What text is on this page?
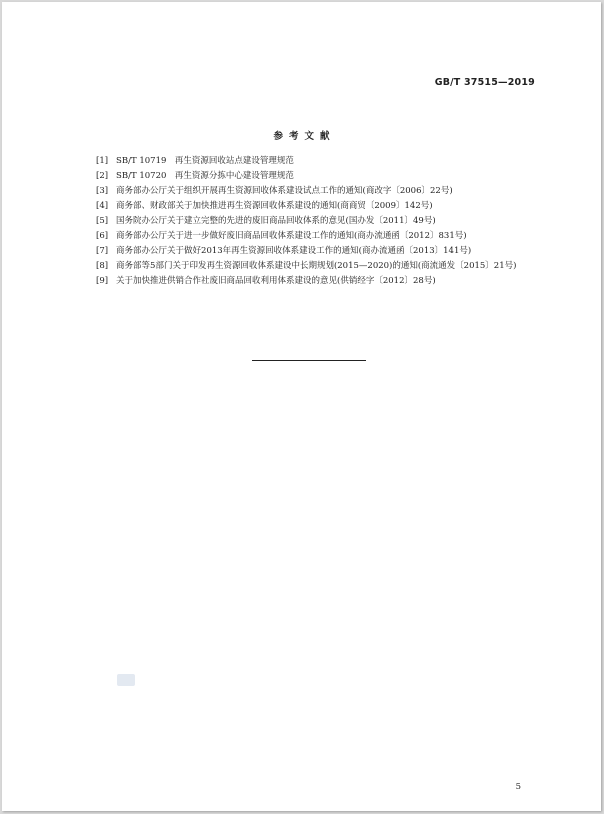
GB/T 37515—2019
参考文献
[1] SB/T 10719　再生资源回收站点建设管理规范
[2] SB/T 10720　再生资源分拣中心建设管理规范
[3] 商务部办公厅关于组织开展再生资源回收体系建设试点工作的通知(商改字〔2006〕22号)
[4] 商务部、财政部关于加快推进再生资源回收体系建设的通知(商商贸〔2009〕142号)
[5] 国务院办公厅关于建立完整的先进的废旧商品回收体系的意见(国办发〔2011〕49号)
[6] 商务部办公厅关于进一步做好废旧商品回收体系建设工作的通知(商办流通函〔2012〕831号)
[7] 商务部办公厅关于做好2013年再生资源回收体系建设工作的通知(商办流通函〔2013〕141号)
[8] 商务部等5部门关于印发再生资源回收体系建设中长期规划(2015—2020)的通知(商流通发〔2015〕21号)
[9] 关于加快推进供销合作社废旧商品回收利用体系建设的意见(供销经字〔2012〕28号)
5
